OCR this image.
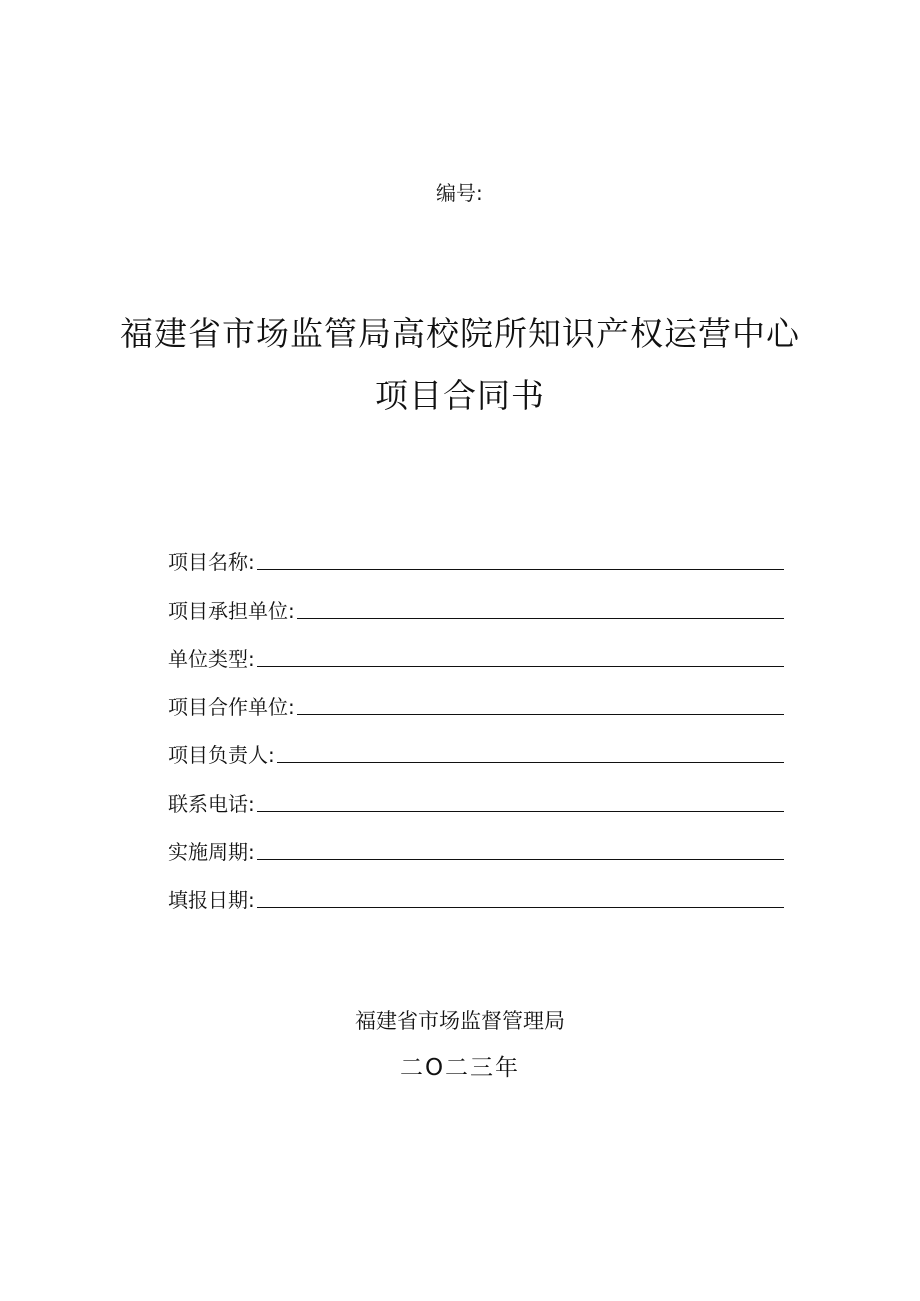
编号:
福建省市场监管局高校院所知识产权运营中心
项目合同书
项目名称:
项目承担单位:
单位类型:
项目合作单位:
项目负责人:
联系电话:
实施周期:
填报日期:
福建省市场监督管理局
二O二三年
